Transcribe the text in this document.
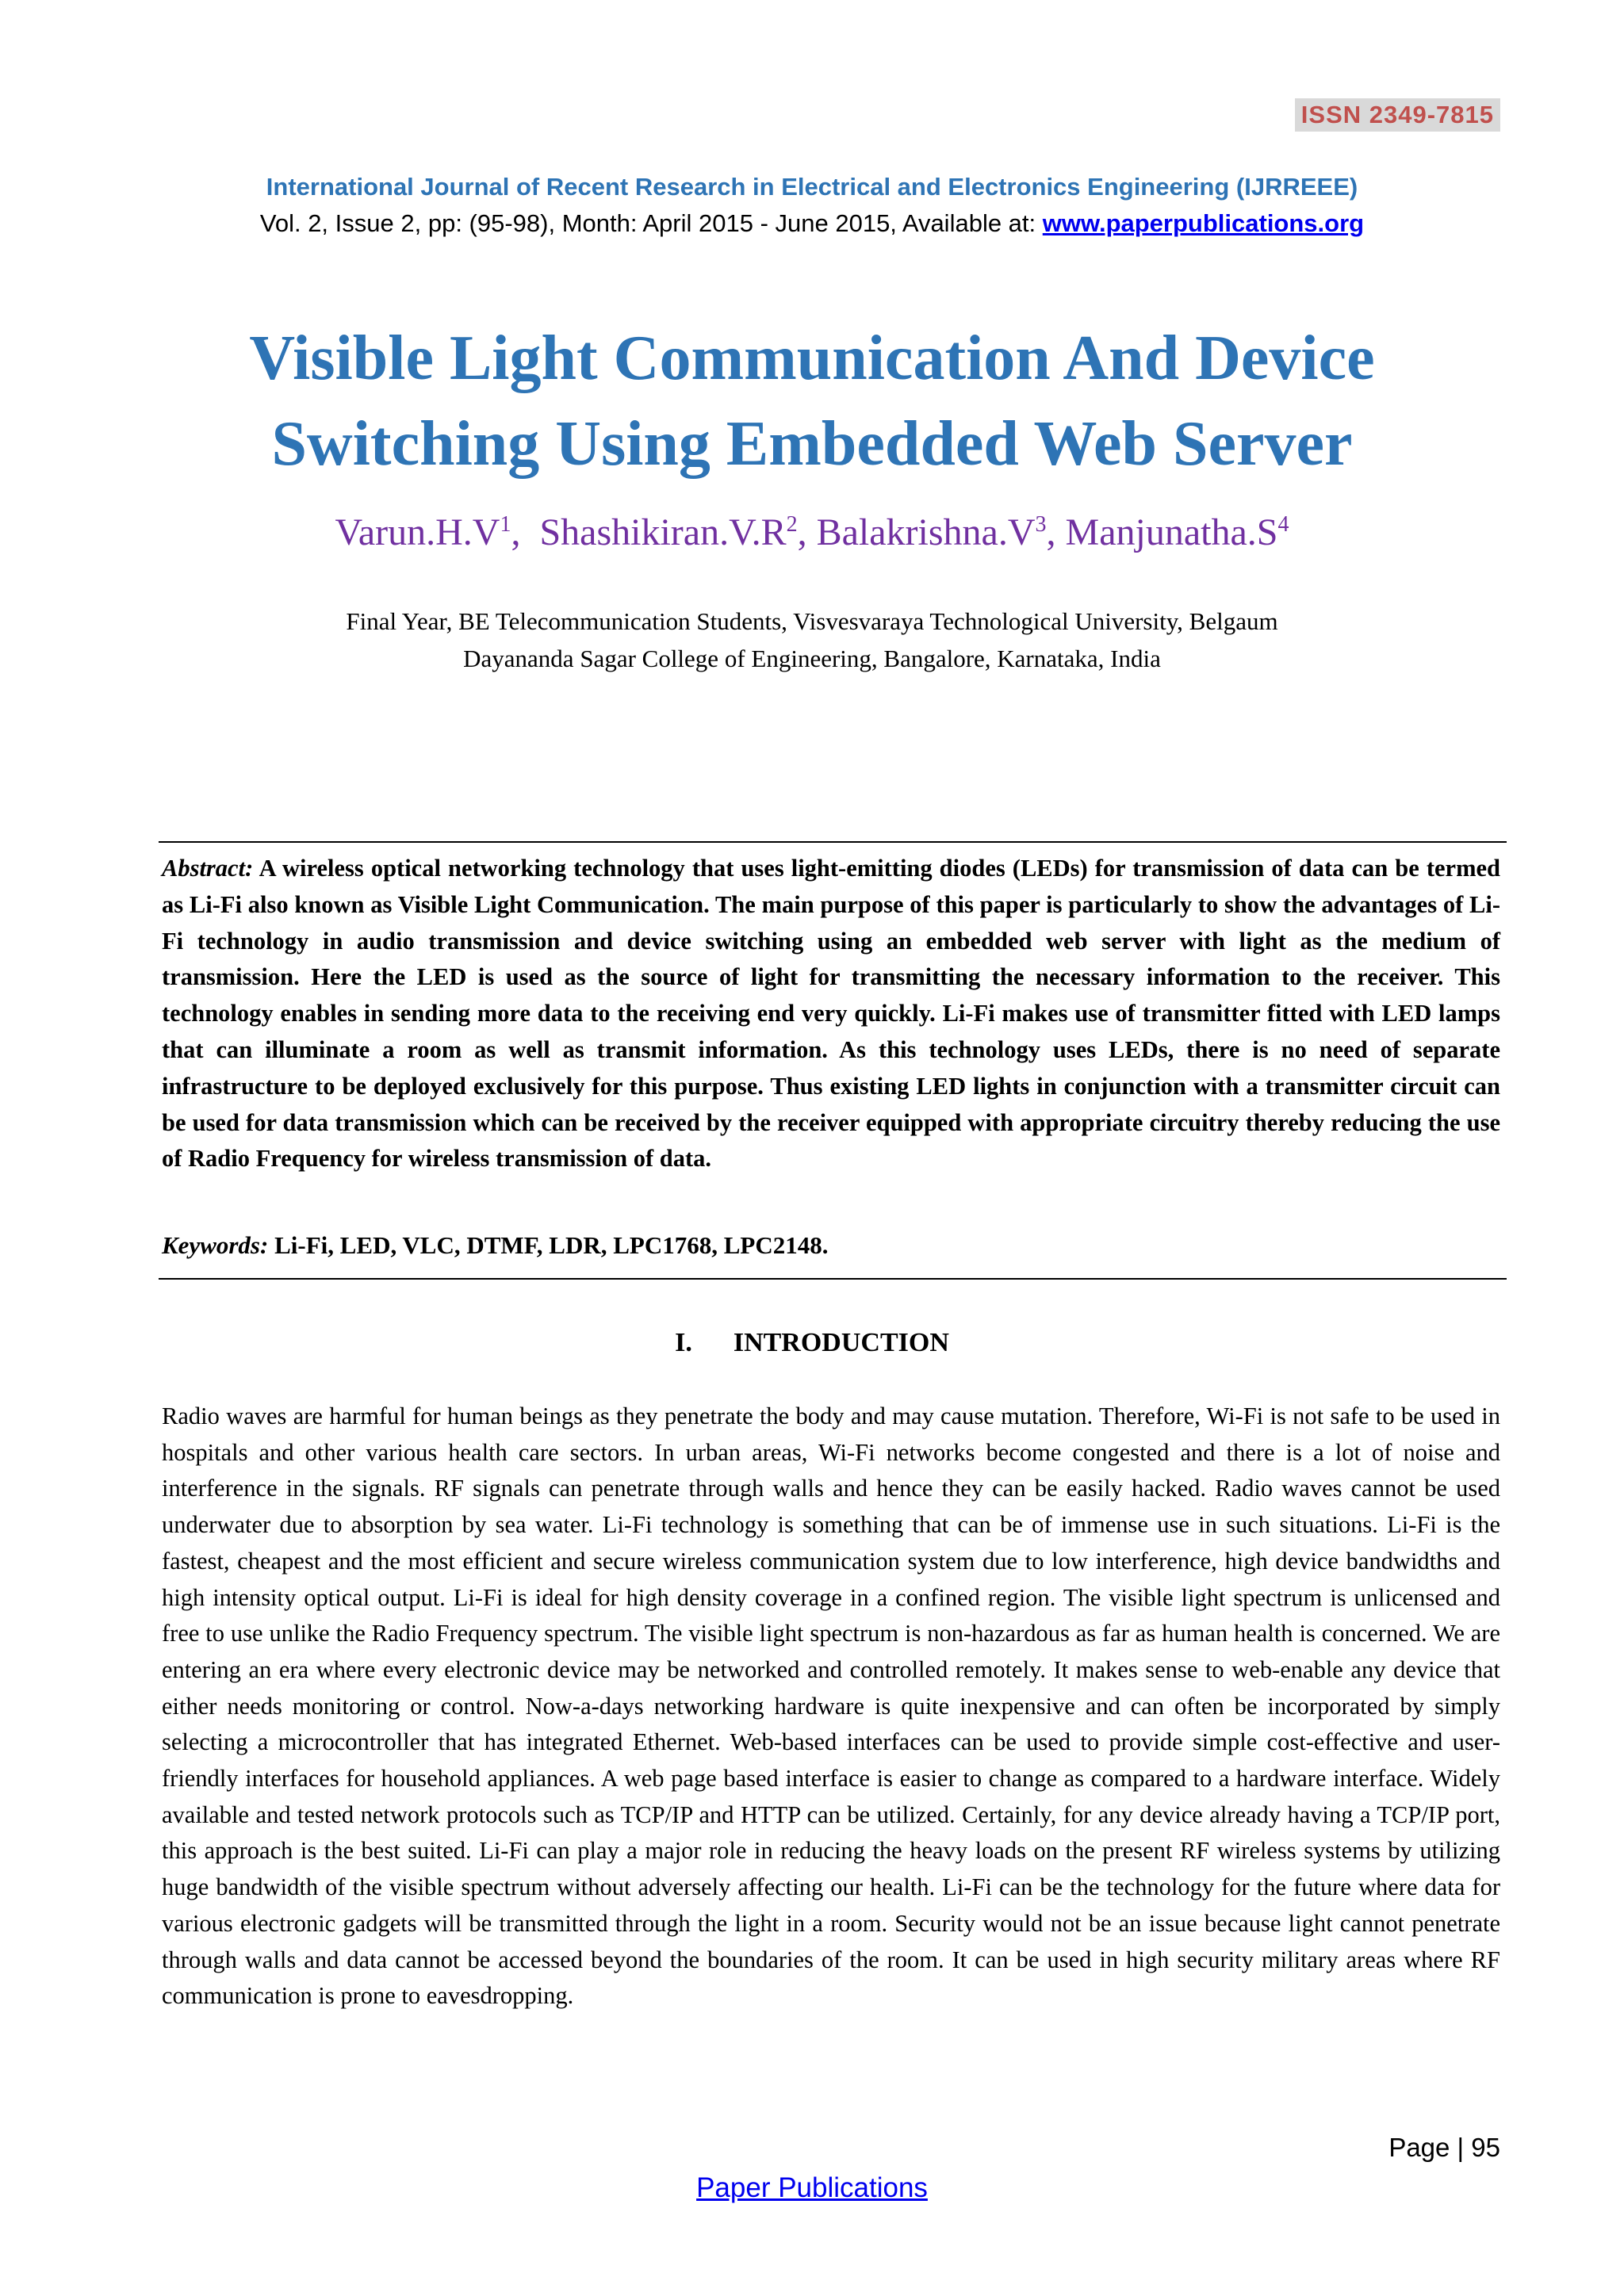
ISSN 2349-7815
International Journal of Recent Research in Electrical and Electronics Engineering (IJRREEE)
Vol. 2, Issue 2, pp: (95-98), Month: April 2015 - June 2015, Available at: www.paperpublications.org
Visible Light Communication And Device Switching Using Embedded Web Server
$Varun.H.V^1$,  $Shashikiran.V.R^2$, $Balakrishna.V^3$, $Manjunatha.S^4$
Final Year, BE Telecommunication Students, Visvesvaraya Technological University, Belgaum
Dayananda Sagar College of Engineering, Bangalore, Karnataka, India
Abstract: A wireless optical networking technology that uses light-emitting diodes (LEDs) for transmission of data can be termed as Li-Fi also known as Visible Light Communication. The main purpose of this paper is particularly to show the advantages of Li-Fi technology in audio transmission and device switching using an embedded web server with light as the medium of transmission. Here the LED is used as the source of light for transmitting the necessary information to the receiver. This technology enables in sending more data to the receiving end very quickly. Li-Fi makes use of transmitter fitted with LED lamps that can illuminate a room as well as transmit information. As this technology uses LEDs, there is no need of separate infrastructure to be deployed exclusively for this purpose. Thus existing LED lights in conjunction with a transmitter circuit can be used for data transmission which can be received by the receiver equipped with appropriate circuitry thereby reducing the use of Radio Frequency for wireless transmission of data.
Keywords: Li-Fi, LED, VLC, DTMF, LDR, LPC1768, LPC2148.
I. INTRODUCTION
Radio waves are harmful for human beings as they penetrate the body and may cause mutation. Therefore, Wi-Fi is not safe to be used in hospitals and other various health care sectors. In urban areas, Wi-Fi networks become congested and there is a lot of noise and interference in the signals. RF signals can penetrate through walls and hence they can be easily hacked. Radio waves cannot be used underwater due to absorption by sea water. Li-Fi technology is something that can be of immense use in such situations. Li-Fi is the fastest, cheapest and the most efficient and secure wireless communication system due to low interference, high device bandwidths and high intensity optical output. Li-Fi is ideal for high density coverage in a confined region. The visible light spectrum is unlicensed and free to use unlike the Radio Frequency spectrum. The visible light spectrum is non-hazardous as far as human health is concerned. We are entering an era where every electronic device may be networked and controlled remotely. It makes sense to web-enable any device that either needs monitoring or control. Now-a-days networking hardware is quite inexpensive and can often be incorporated by simply selecting a microcontroller that has integrated Ethernet. Web-based interfaces can be used to provide simple cost-effective and user-friendly interfaces for household appliances. A web page based interface is easier to change as compared to a hardware interface. Widely available and tested network protocols such as TCP/IP and HTTP can be utilized. Certainly, for any device already having a TCP/IP port, this approach is the best suited. Li-Fi can play a major role in reducing the heavy loads on the present RF wireless systems by utilizing huge bandwidth of the visible spectrum without adversely affecting our health. Li-Fi can be the technology for the future where data for various electronic gadgets will be transmitted through the light in a room. Security would not be an issue because light cannot penetrate through walls and data cannot be accessed beyond the boundaries of the room. It can be used in high security military areas where RF communication is prone to eavesdropping.
Page | 95
Paper Publications
